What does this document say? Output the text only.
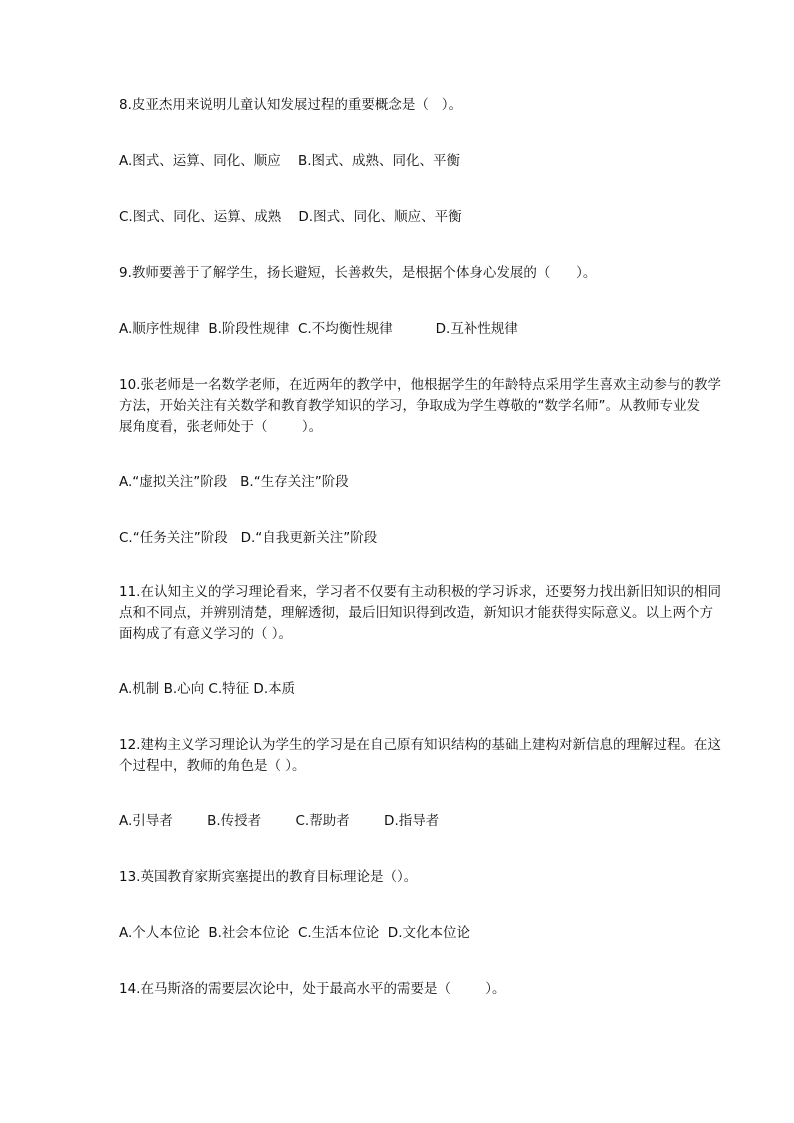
8.皮亚杰用来说明儿童认知发展过程的重要概念是（   ）。
A.图式、运算、同化、顺应    B.图式、成熟、同化、平衡
C.图式、同化、运算、成熟    D.图式、同化、顺应、平衡
9.教师要善于了解学生，扬长避短，长善救失，是根据个体身心发展的（      ）。
A.顺序性规律  B.阶段性规律  C.不均衡性规律          D.互补性规律
10.张老师是一名数学老师，在近两年的教学中，他根据学生的年龄特点采用学生喜欢主动参与的教学
方法，开始关注有关数学和教育教学知识的学习，争取成为学生尊敬的“数学名师”。从教师专业发
展角度看，张老师处于（        ）。
A.“虚拟关注”阶段   B.“生存关注”阶段
C.“任务关注”阶段   D.“自我更新关注”阶段
11.在认知主义的学习理论看来，学习者不仅要有主动积极的学习诉求，还要努力找出新旧知识的相同
点和不同点，并辨别清楚，理解透彻，最后旧知识得到改造，新知识才能获得实际意义。以上两个方
面构成了有意义学习的（ ）。
A.机制 B.心向 C.特征 D.本质
12.建构主义学习理论认为学生的学习是在自己原有知识结构的基础上建构对新信息的理解过程。在这
个过程中，教师的角色是（ ）。
A.引导者        B.传授者        C.帮助者        D.指导者
13.英国教育家斯宾塞提出的教育目标理论是（）。
A.个人本位论  B.社会本位论  C.生活本位论  D.文化本位论
14.在马斯洛的需要层次论中，处于最高水平的需要是（        ）。
